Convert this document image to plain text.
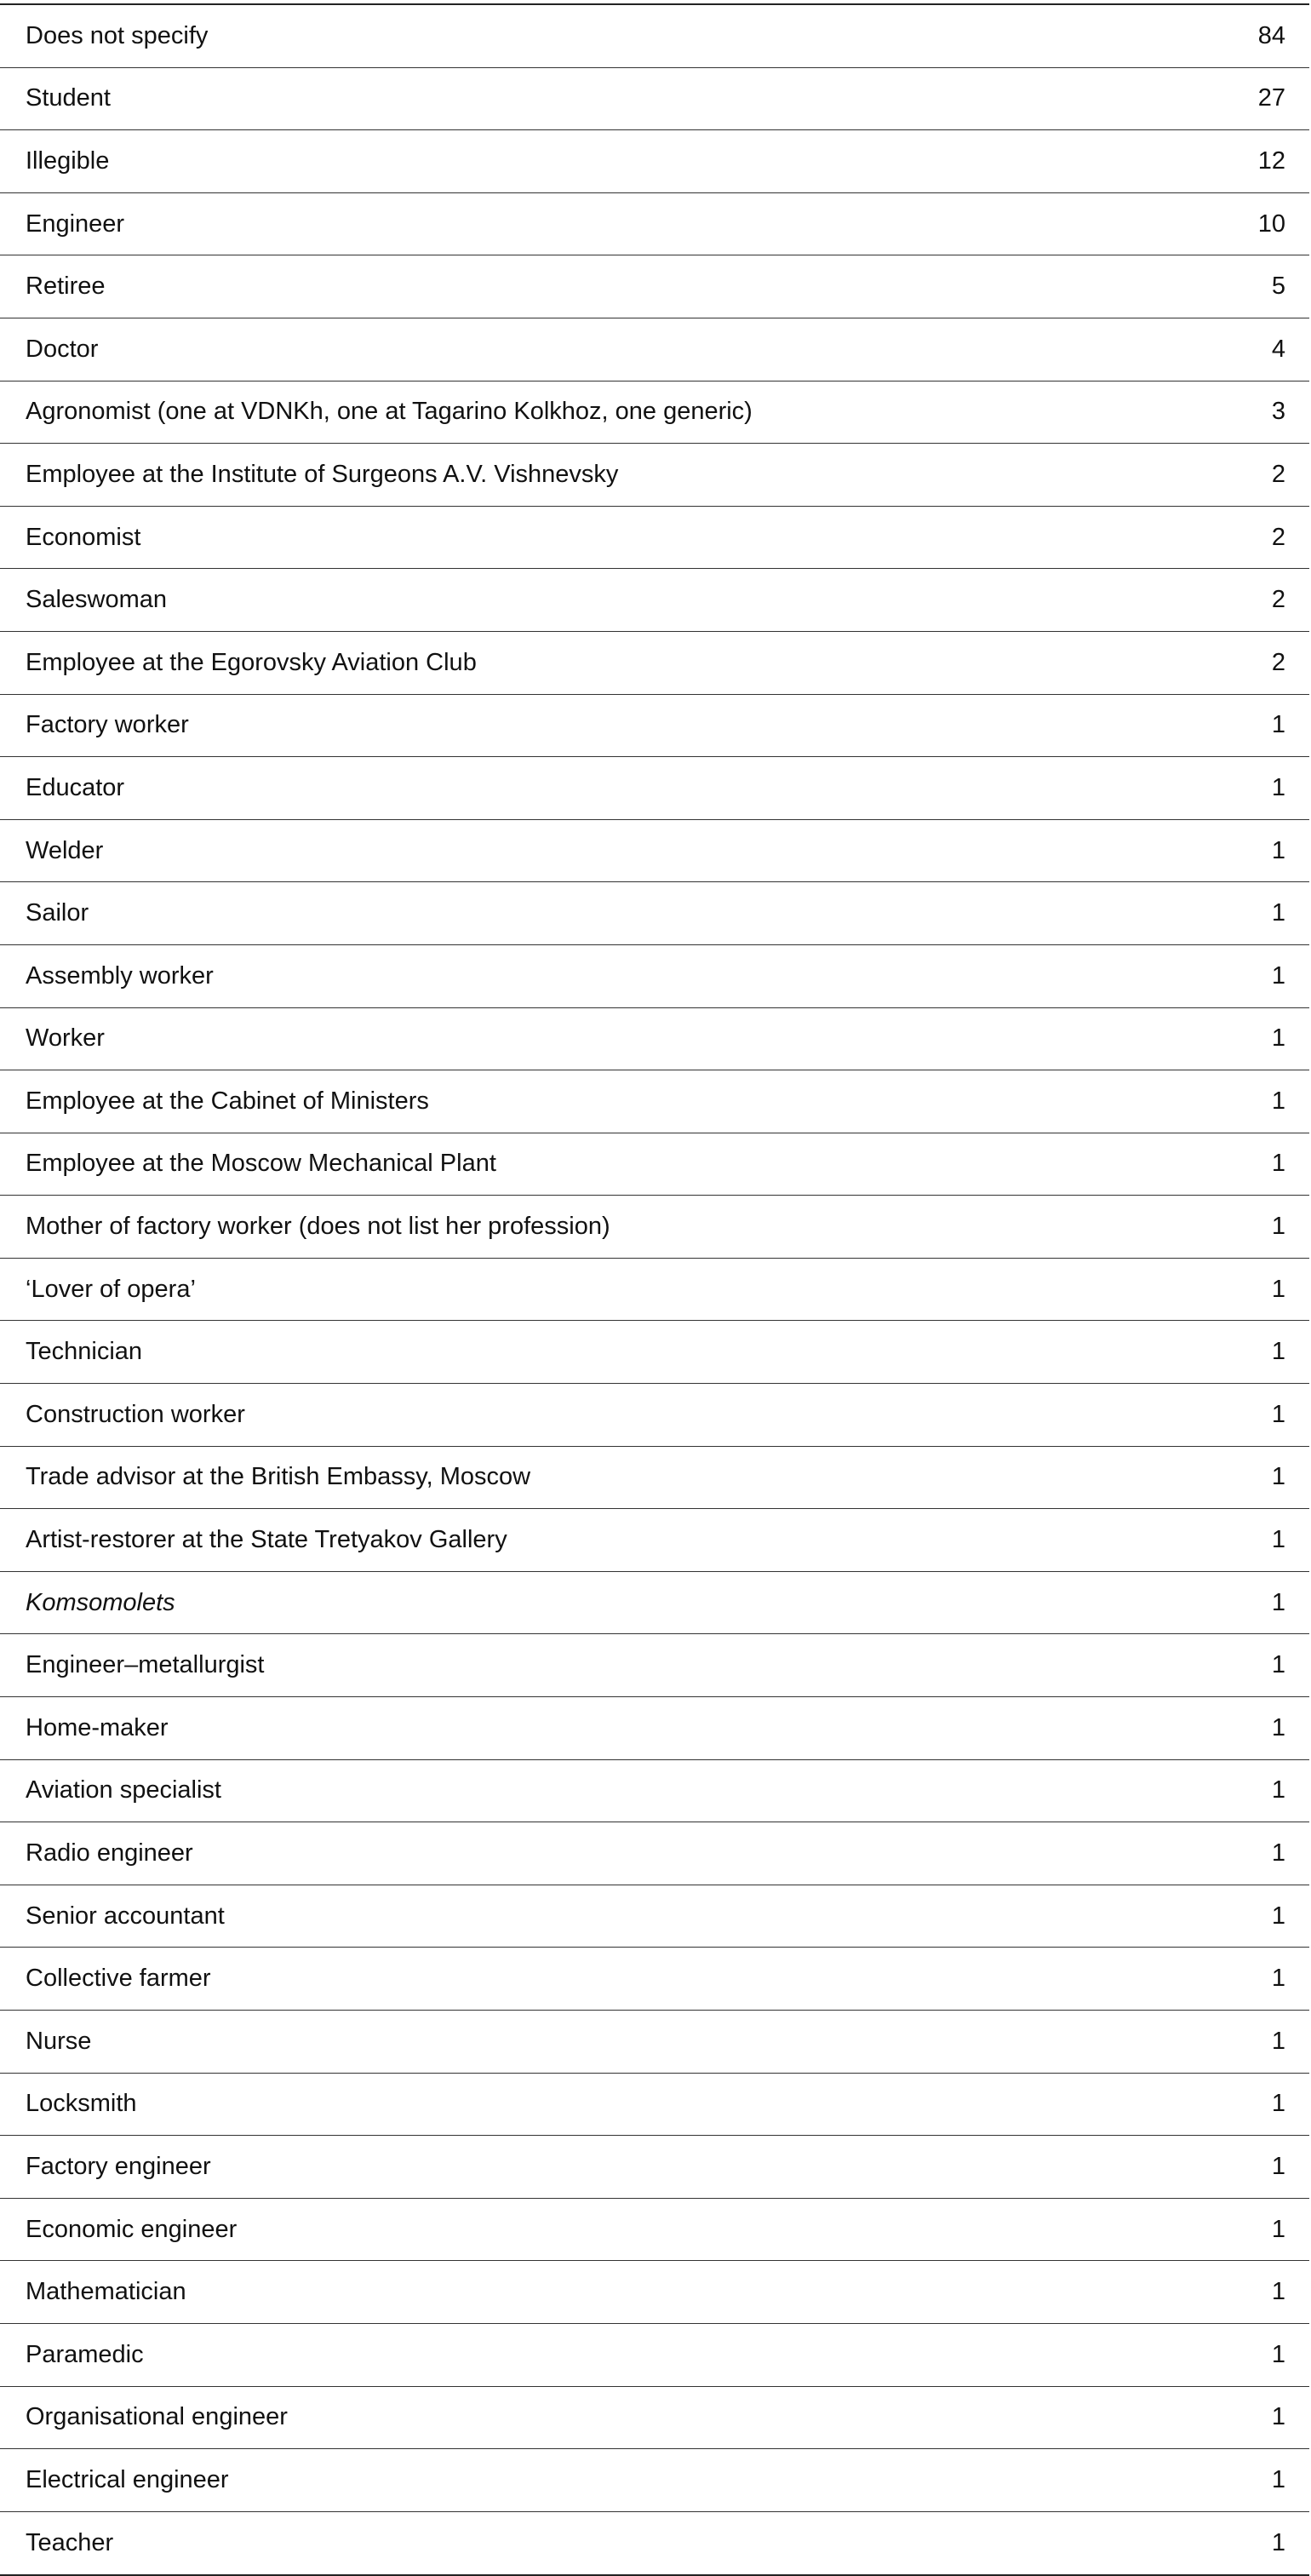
Does not specify	84
Student	27
Illegible	12
Engineer	10
Retiree	5
Doctor	4
Agronomist (one at VDNKh, one at Tagarino Kolkhoz, one generic)	3
Employee at the Institute of Surgeons A.V. Vishnevsky	2
Economist	2
Saleswoman	2
Employee at the Egorovsky Aviation Club	2
Factory worker	1
Educator	1
Welder	1
Sailor	1
Assembly worker	1
Worker	1
Employee at the Cabinet of Ministers	1
Employee at the Moscow Mechanical Plant	1
Mother of factory worker (does not list her profession)	1
‘Lover of opera’	1
Technician	1
Construction worker	1
Trade advisor at the British Embassy, Moscow	1
Artist-restorer at the State Tretyakov Gallery	1
Komsomolets	1
Engineer–metallurgist	1
Home-maker	1
Aviation specialist	1
Radio engineer	1
Senior accountant	1
Collective farmer	1
Nurse	1
Locksmith	1
Factory engineer	1
Economic engineer	1
Mathematician	1
Paramedic	1
Organisational engineer	1
Electrical engineer	1
Teacher	1
